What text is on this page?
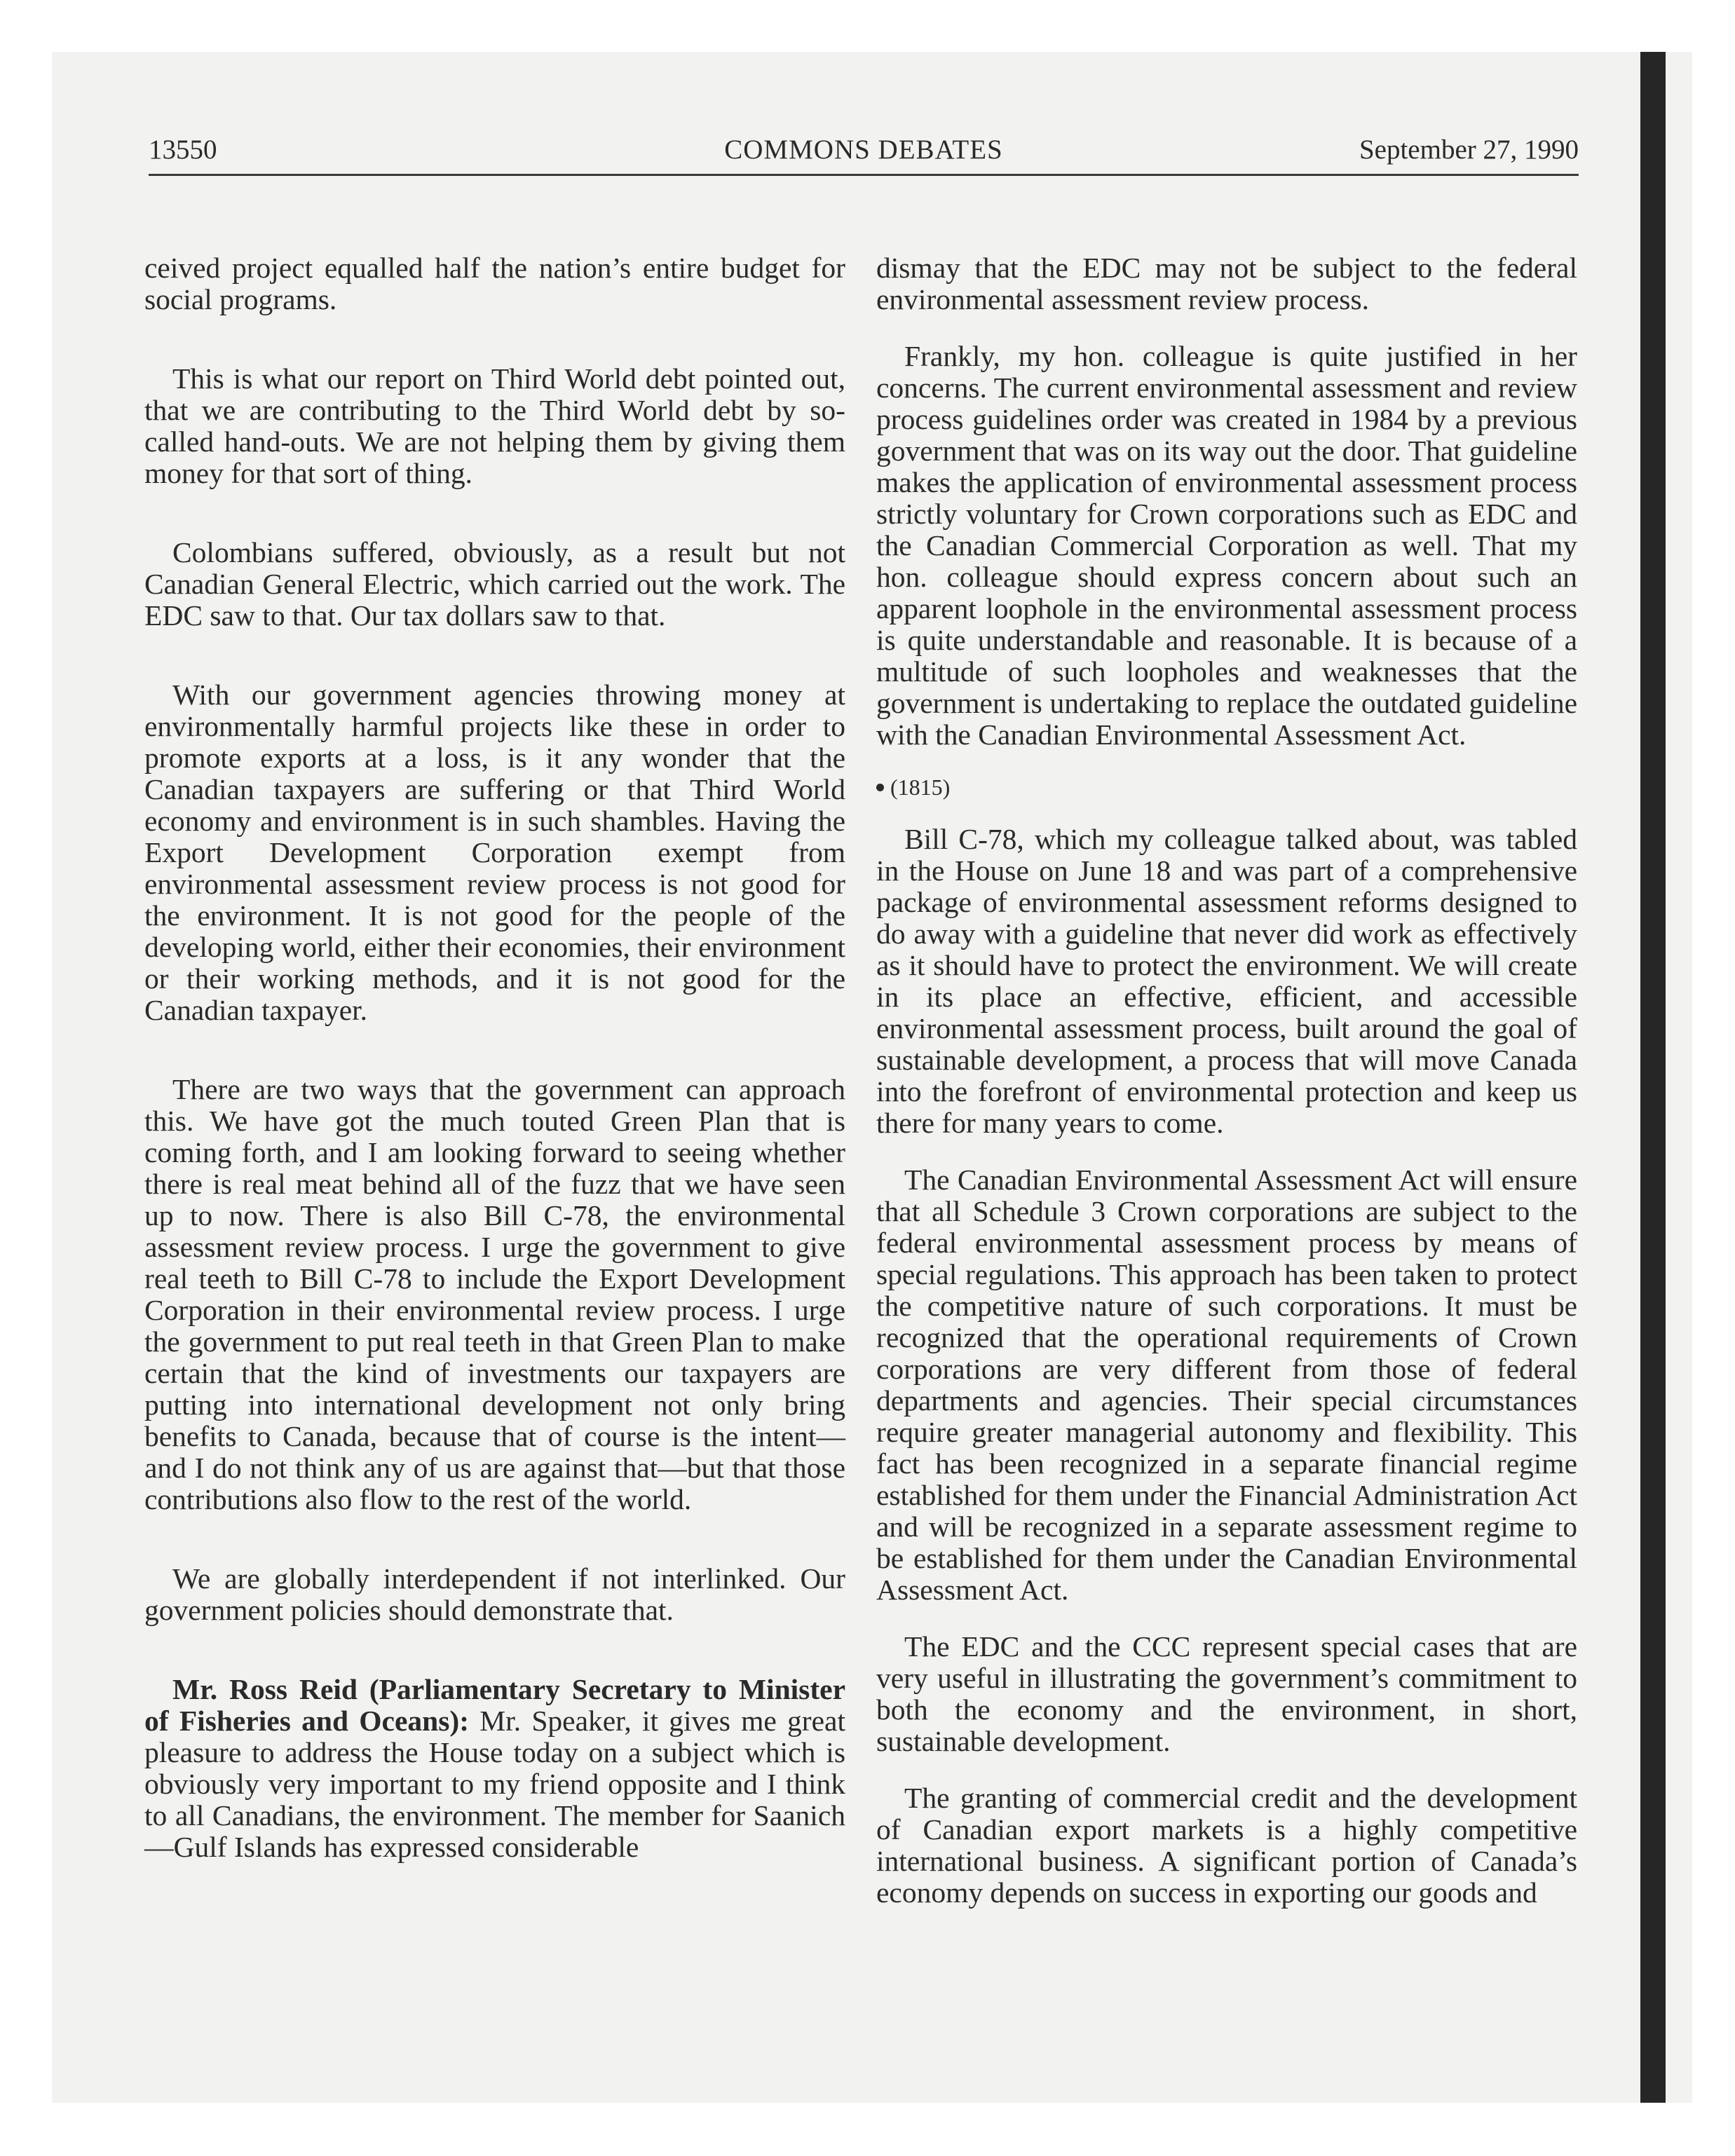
13550	COMMONS DEBATES	September 27, 1990

ceived project equalled half the nation’s entire budget for social programs.

This is what our report on Third World debt pointed out, that we are contributing to the Third World debt by so-called hand-outs. We are not helping them by giving them money for that sort of thing.

Colombians suffered, obviously, as a result but not Canadian General Electric, which carried out the work. The EDC saw to that. Our tax dollars saw to that.

With our government agencies throwing money at environmentally harmful projects like these in order to promote exports at a loss, is it any wonder that the Canadian taxpayers are suffering or that Third World economy and environment is in such shambles. Having the Export Development Corporation exempt from environmental assessment review process is not good for the environment. It is not good for the people of the developing world, either their economies, their environment or their working methods, and it is not good for the Canadian taxpayer.

There are two ways that the government can approach this. We have got the much touted Green Plan that is coming forth, and I am looking forward to seeing whether there is real meat behind all of the fuzz that we have seen up to now. There is also Bill C-78, the environmental assessment review process. I urge the government to give real teeth to Bill C-78 to include the Export Development Corporation in their environmental review process. I urge the government to put real teeth in that Green Plan to make certain that the kind of investments our taxpayers are putting into international development not only bring benefits to Canada, because that of course is the intent—and I do not think any of us are against that—but that those contributions also flow to the rest of the world.

We are globally interdependent if not interlinked. Our government policies should demonstrate that.

Mr. Ross Reid (Parliamentary Secretary to Minister of Fisheries and Oceans): Mr. Speaker, it gives me great pleasure to address the House today on a subject which is obviously very important to my friend opposite and I think to all Canadians, the environment. The member for Saanich—Gulf Islands has expressed considerable

dismay that the EDC may not be subject to the federal environmental assessment review process.

Frankly, my hon. colleague is quite justified in her concerns. The current environmental assessment and review process guidelines order was created in 1984 by a previous government that was on its way out the door. That guideline makes the application of environmental assessment process strictly voluntary for Crown corporations such as EDC and the Canadian Commercial Corporation as well. That my hon. colleague should express concern about such an apparent loophole in the environmental assessment process is quite understandable and reasonable. It is because of a multitude of such loopholes and weaknesses that the government is undertaking to replace the outdated guideline with the Canadian Environmental Assessment Act.

(1815)

Bill C-78, which my colleague talked about, was tabled in the House on June 18 and was part of a comprehensive package of environmental assessment reforms designed to do away with a guideline that never did work as effectively as it should have to protect the environment. We will create in its place an effective, efficient, and accessible environmental assessment process, built around the goal of sustainable development, a process that will move Canada into the forefront of environmental protection and keep us there for many years to come.

The Canadian Environmental Assessment Act will ensure that all Schedule 3 Crown corporations are subject to the federal environmental assessment process by means of special regulations. This approach has been taken to protect the competitive nature of such corporations. It must be recognized that the operational requirements of Crown corporations are very different from those of federal departments and agencies. Their special circumstances require greater managerial autonomy and flexibility. This fact has been recognized in a separate financial regime established for them under the Financial Administration Act and will be recognized in a separate assessment regime to be established for them under the Canadian Environmental Assessment Act.

The EDC and the CCC represent special cases that are very useful in illustrating the government’s commitment to both the economy and the environment, in short, sustainable development.

The granting of commercial credit and the development of Canadian export markets is a highly competitive international business. A significant portion of Canada’s economy depends on success in exporting our goods and
